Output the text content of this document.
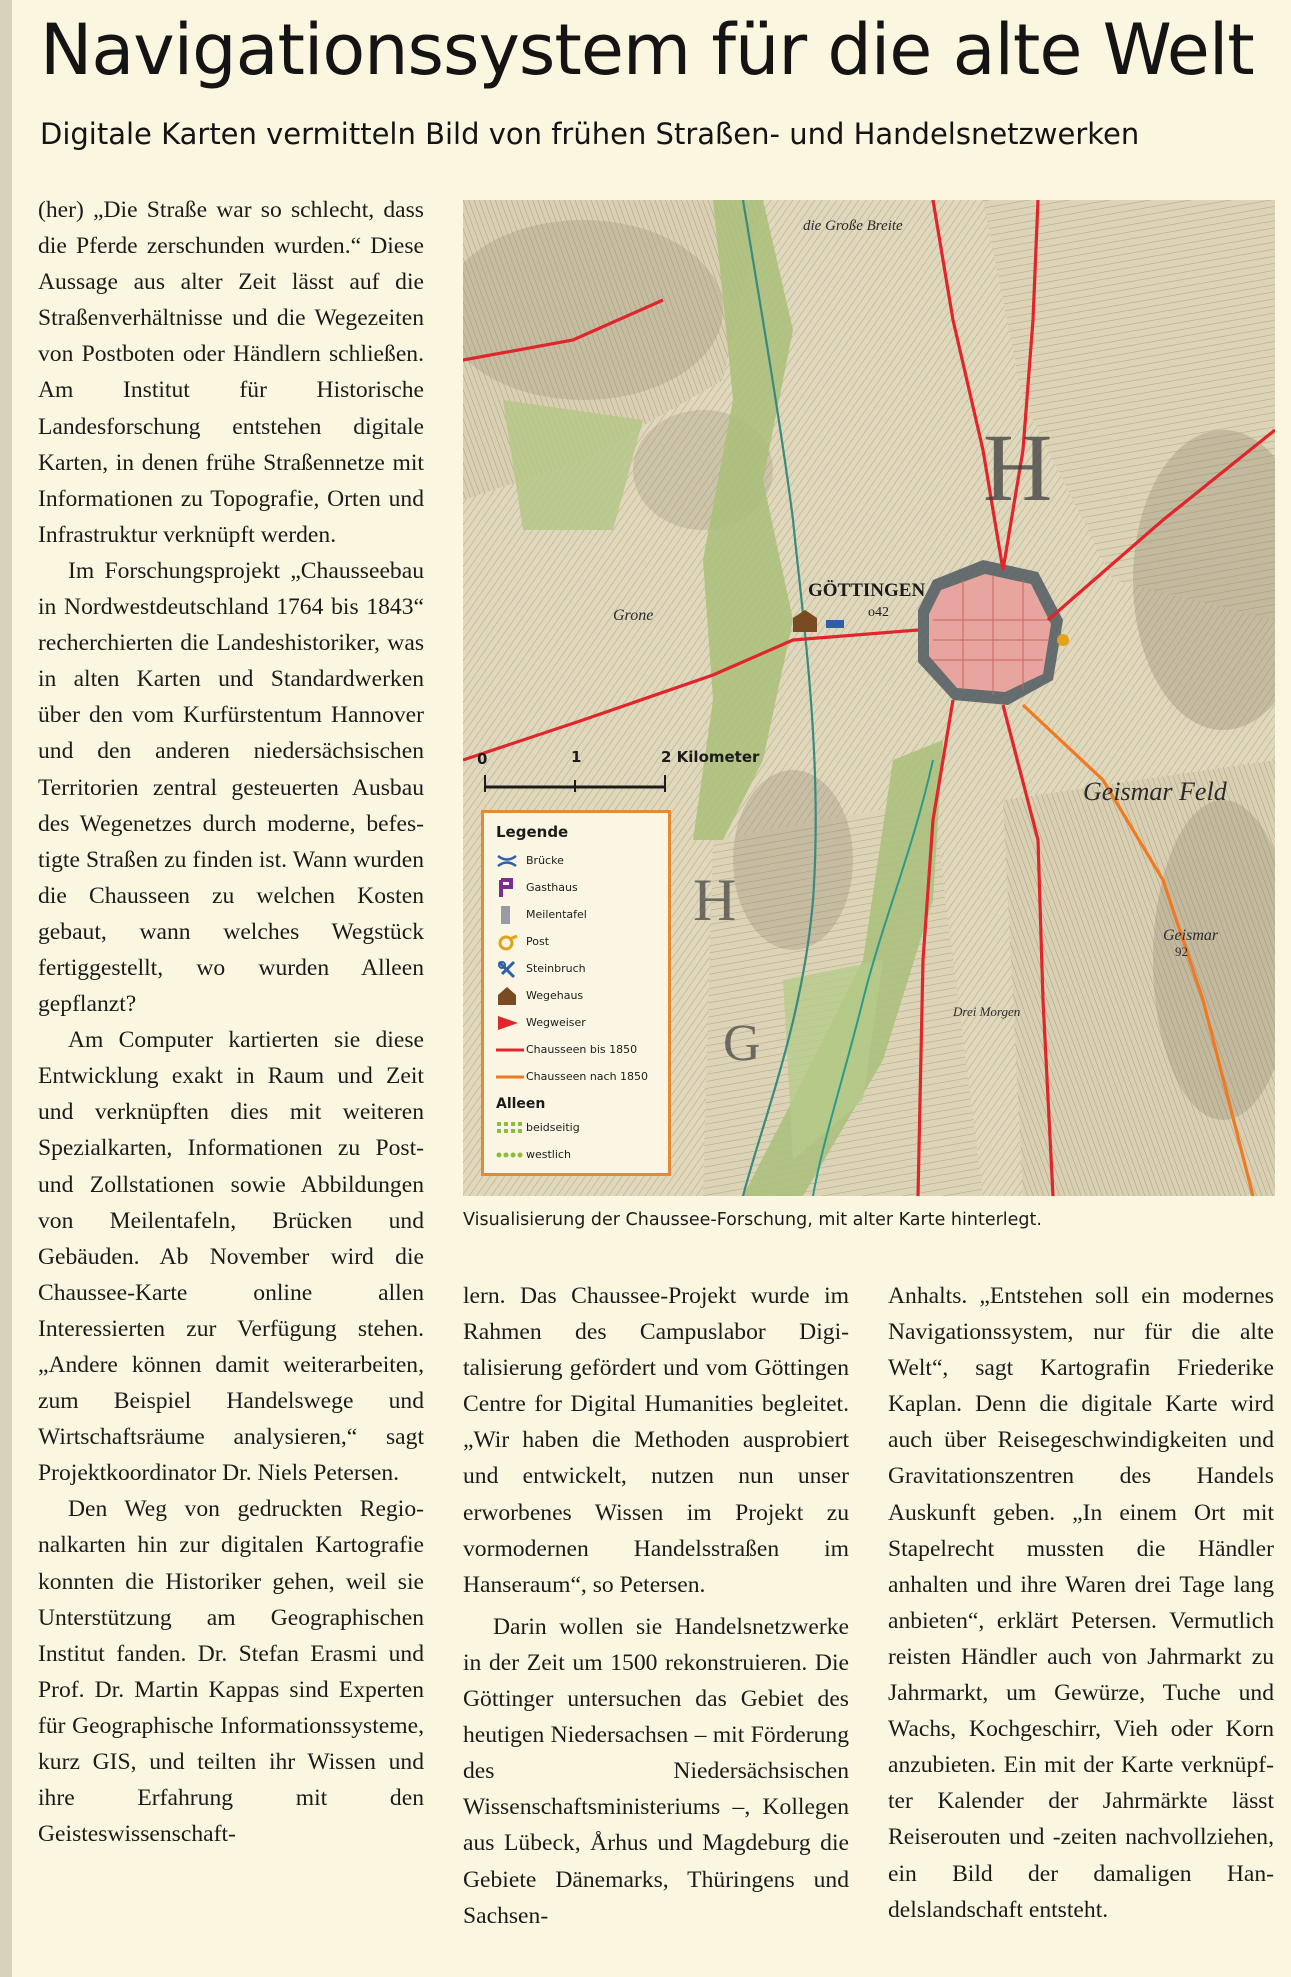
Navigationssystem für die alte Welt
Digitale Karten vermitteln Bild von frühen Straßen- und Handelsnetzwerken

(her) „Die Straße war so schlecht, dass die Pferde zerschunden wurden.“ Diese Aussage aus alter Zeit lässt auf die Straßenverhältnisse und die Wegezeiten von Postboten oder Händlern schließen. Am Institut für Historische Landesforschung entstehen digitale Karten, in denen frühe Straßennetze mit Informationen zu Topografie, Orten und Infrastruktur verknüpft werden.

Im Forschungsprojekt „Chausseebau in Nordwestdeutschland 1764 bis 1843“ recherchierten die Landeshistoriker, was in alten Karten und Standardwerken über den vom Kurfürstentum Hannover und den anderen niedersächsischen Territorien zentral gesteuerten Ausbau des Wegenetzes durch moderne, befestigte Straßen zu finden ist. Wann wurden die Chausseen zu welchen Kosten gebaut, wann welches Wegstück fertiggestellt, wo wurden Alleen gepflanzt?

Am Computer kartierten sie diese Entwicklung exakt in Raum und Zeit und verknüpften dies mit weiteren Spezialkarten, Informationen zu Post- und Zollstationen sowie Abbildungen von Meilentafeln, Brücken und Gebäuden. Ab November wird die Chaussee-Karte online allen Interessierten zur Verfügung stehen. „Andere können damit weiterarbeiten, zum Beispiel Handelswege und Wirtschaftsräume analysieren,“ sagt Projektkoordinator Dr. Niels Petersen.

Den Weg von gedruckten Regionalkarten hin zur digitalen Kartografie konnten die Historiker gehen, weil sie Unterstützung am Geographischen Institut fanden. Dr. Stefan Erasmi und Prof. Dr. Martin Kappas sind Experten für Geographische Informationssysteme, kurz GIS, und teilten ihr Wissen und ihre Erfahrung mit den Geisteswissenschaft-

GÖTTINGEN
o42
Geismar Feld
Geismar
92
H
H
G
die Große Breite
Grone
Drei Morgen
0	1	2 Kilometer
Legende
Brücke
Gasthaus
Meilentafel
Post
Steinbruch
Wegehaus
Wegweiser
Chausseen bis 1850
Chausseen nach 1850
Alleen
beidseitig
westlich
Visualisierung der Chaussee-Forschung, mit alter Karte hinterlegt.

lern. Das Chaussee-Projekt wurde im Rahmen des Campuslabor Digitalisierung gefördert und vom Göttingen Centre for Digital Humanities begleitet. „Wir haben die Methoden ausprobiert und entwickelt, nutzen nun unser erworbenes Wissen im Projekt zu vormodernen Handelsstraßen im Hanseraum“, so Petersen.

Darin wollen sie Handelsnetzwerke in der Zeit um 1500 rekonstruieren. Die Göttinger untersuchen das Gebiet des heutigen Niedersachsen – mit Förderung des Niedersächsischen Wissenschaftsministeriums –, Kollegen aus Lübeck, Århus und Magdeburg die Gebiete Dänemarks, Thüringens und Sachsen-

Anhalts. „Entstehen soll ein modernes Navigationssystem, nur für die alte Welt“, sagt Kartografin Friederike Kaplan. Denn die digitale Karte wird auch über Reisegeschwindigkeiten und Gravitationszentren des Handels Auskunft geben. „In einem Ort mit Stapelrecht mussten die Händler anhalten und ihre Waren drei Tage lang anbieten“, erklärt Petersen. Vermutlich reisten Händler auch von Jahrmarkt zu Jahrmarkt, um Gewürze, Tuche und Wachs, Kochgeschirr, Vieh oder Korn anzubieten. Ein mit der Karte verknüpfter Kalender der Jahrmärkte lässt Reiserouten und -zeiten nachvollziehen, ein Bild der damaligen Handelslandschaft entsteht.
